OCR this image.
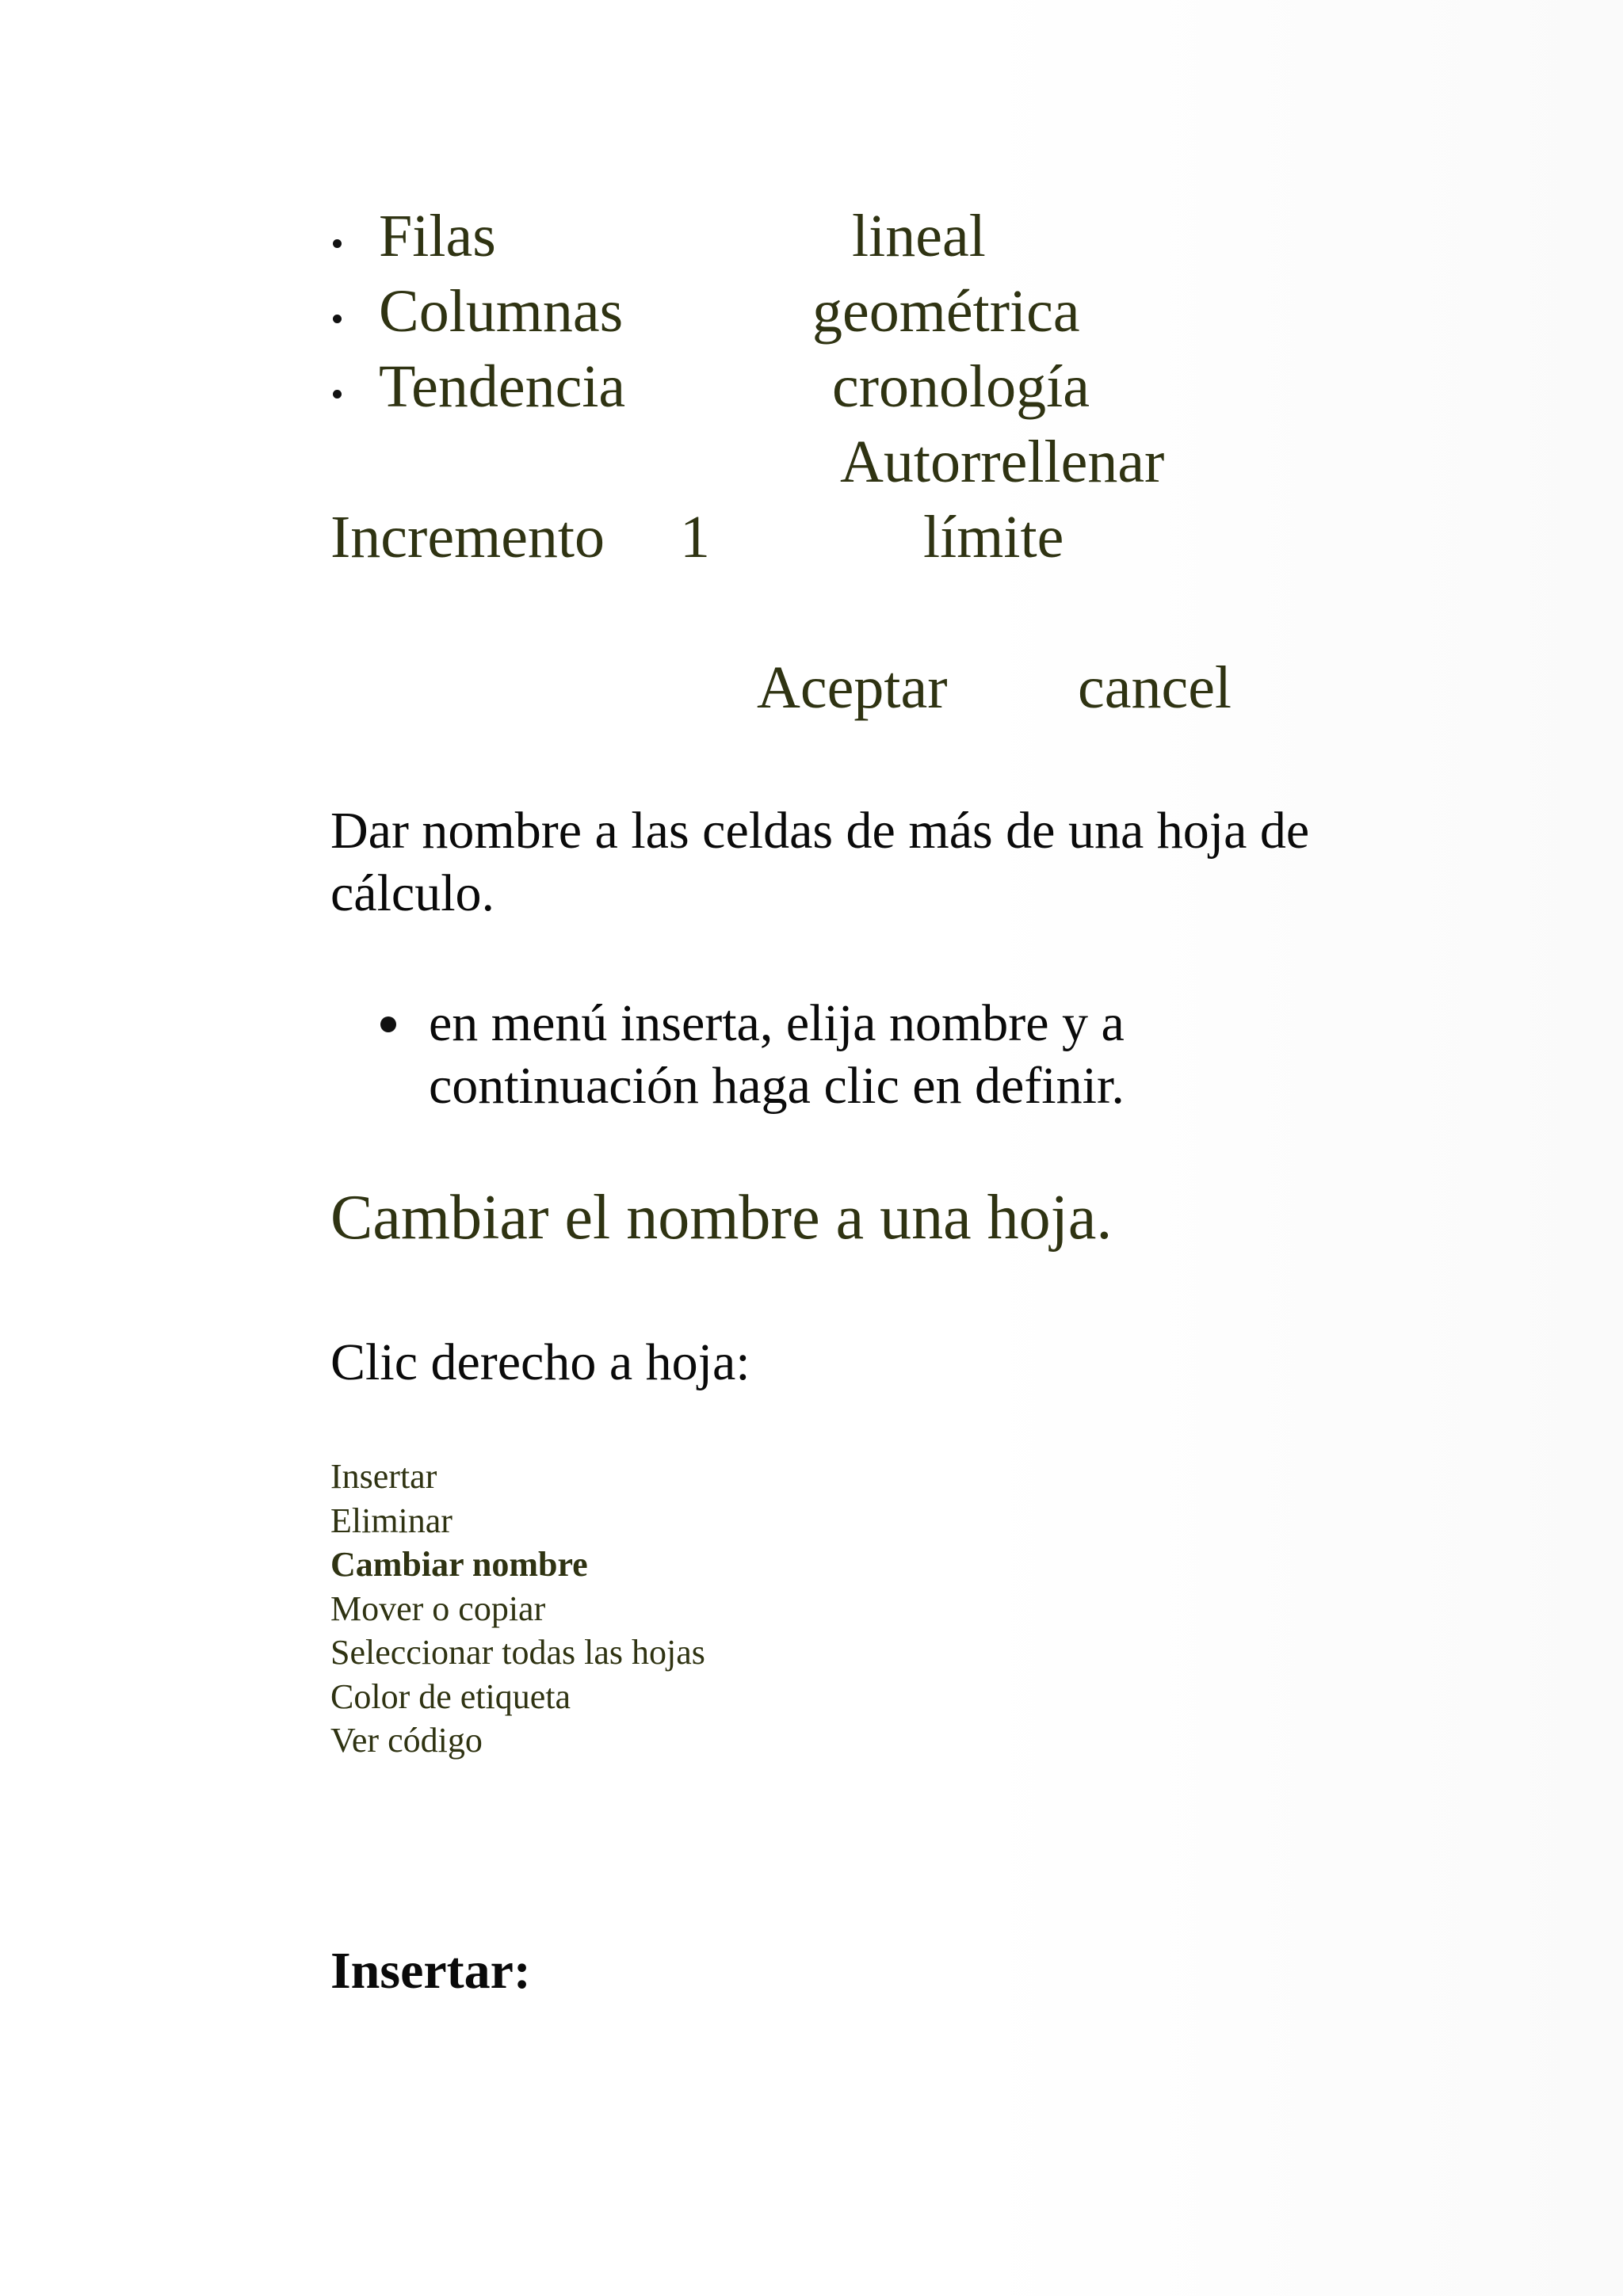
Filas
Columnas
Tendencia
lineal
geométrica
cronología
Autorrellenar
Incremento 1	límite
Aceptar cancel
Dar nombre a las celdas de más de una hoja de
cálculo.
en menú inserta, elija nombre y a
continuación haga clic en definir.
Cambiar el nombre a una hoja.
Clic derecho a hoja:
Insertar
Eliminar
Cambiar nombre
Mover o copiar
Seleccionar todas las hojas
Color de etiqueta
Ver código
Insertar:
